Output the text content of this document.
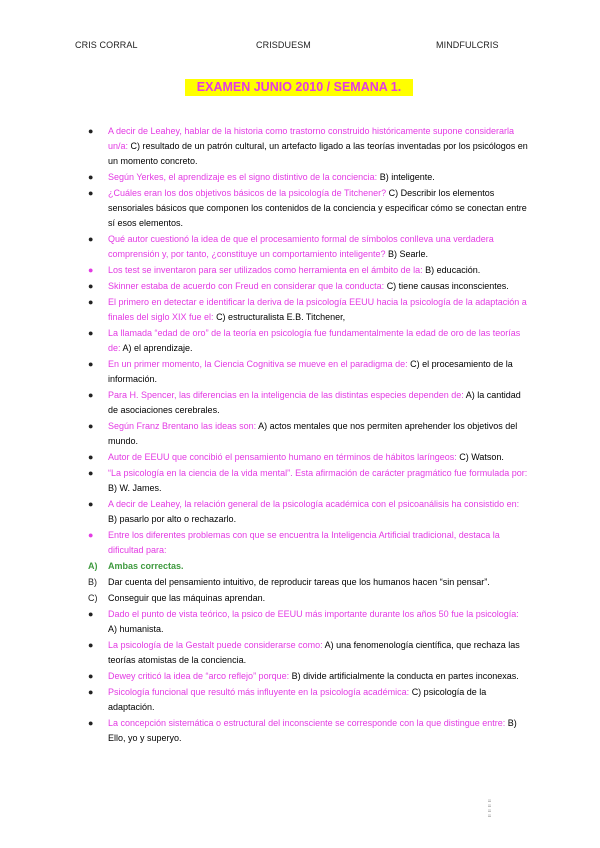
CRIS CORRAL	CRISDUESM	MINDFULCRIS
EXAMEN JUNIO 2010 / SEMANA 1.
● A decir de Leahey, hablar de la historia como trastorno construido históricamente supone considerarla un/a: C) resultado de un patrón cultural, un artefacto ligado a las teorías inventadas por los psicólogos en un momento concreto.
● Según Yerkes, el aprendizaje es el signo distintivo de la conciencia: B) inteligente.
● ¿Cuáles eran los dos objetivos básicos de la psicología de Titchener? C) Describir los elementos sensoriales básicos que componen los contenidos de la conciencia y especificar cómo se conectan entre sí esos elementos.
● Qué autor cuestionó la idea de que el procesamiento formal de símbolos conlleva una verdadera comprensión y, por tanto, ¿constituye un comportamiento inteligente? B) Searle.
● Los test se inventaron para ser utilizados como herramienta en el ámbito de la: B) educación.
● Skinner estaba de acuerdo con Freud en considerar que la conducta: C) tiene causas inconscientes.
● El primero en detectar e identificar la deriva de la psicología EEUU hacia la psicología de la adaptación a finales del siglo XIX fue el: C) estructuralista E.B. Titchener,
● La llamada “edad de oro” de la teoría en psicología fue fundamentalmente la edad de oro de las teorías de: A) el aprendizaje.
● En un primer momento, la Ciencia Cognitiva se mueve en el paradigma de: C) el procesamiento de la información.
● Para H. Spencer, las diferencias en la inteligencia de las distintas especies dependen de: A) la cantidad de asociaciones cerebrales.
● Según Franz Brentano las ideas son: A) actos mentales que nos permiten aprehender los objetivos del mundo.
● Autor de EEUU que concibió el pensamiento humano en términos de hábitos laríngeos: C) Watson.
● “La psicología en la ciencia de la vida mental”. Esta afirmación de carácter pragmático fue formulada por: B) W. James.
● A decir de Leahey, la relación general de la psicología académica con el psicoanálisis ha consistido en: B) pasarlo por alto o rechazarlo.
● Entre los diferentes problemas con que se encuentra la Inteligencia Artificial tradicional, destaca la dificultad para:
A) Ambas correctas.
B) Dar cuenta del pensamiento intuitivo, de reproducir tareas que los humanos hacen “sin pensar”.
C) Conseguir que las máquinas aprendan.
● Dado el punto de vista teórico, la psico de EEUU más importante durante los años 50 fue la psicología: A) humanista.
● La psicología de la Gestalt puede considerarse como: A) una fenomenología científica, que rechaza las teorías atomistas de la conciencia.
● Dewey criticó la idea de “arco reflejo” porque: B) divide artificialmente la conducta en partes inconexas.
● Psicología funcional que resultó más influyente en la psicología académica: C) psicología de la adaptación.
● La concepción sistemática o estructural del inconsciente se corresponde con la que distingue entre: B) Ello, yo y superyo.
⁞⁞⁞
⁞⁞⁞
⁞⁞⁞
⁞⁞⁞
